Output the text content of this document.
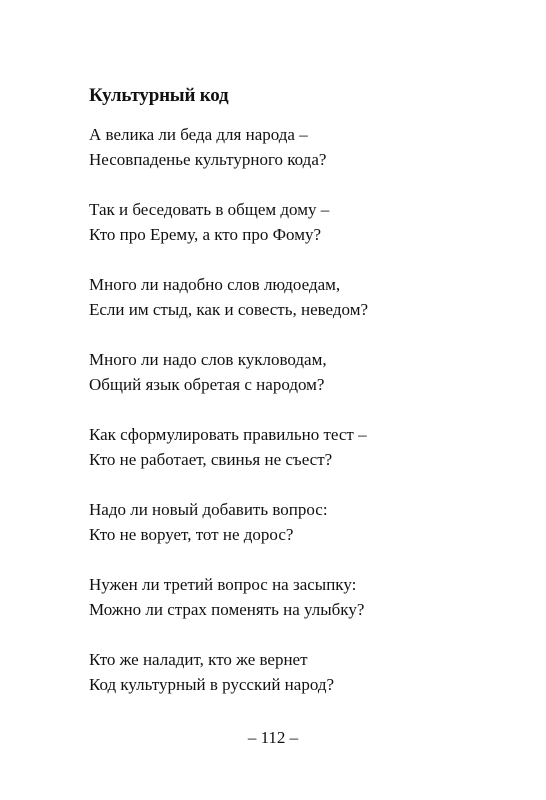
Культурный код
А велика ли беда для народа –
Несовпаденье культурного кода?
Так и беседовать в общем дому –
Кто про Ерему, а кто про Фому?
Много ли надобно слов людоедам,
Если им стыд, как и совесть, неведом?
Много ли надо слов кукловодам,
Общий язык обретая с народом?
Как сформулировать правильно тест –
Кто не работает, свинья не съест?
Надо ли новый добавить вопрос:
Кто не ворует, тот не дорос?
Нужен ли третий вопрос на засыпку:
Можно ли страх поменять на улыбку?
Кто же наладит, кто же вернет
Код культурный в русский народ?
– 112 –
